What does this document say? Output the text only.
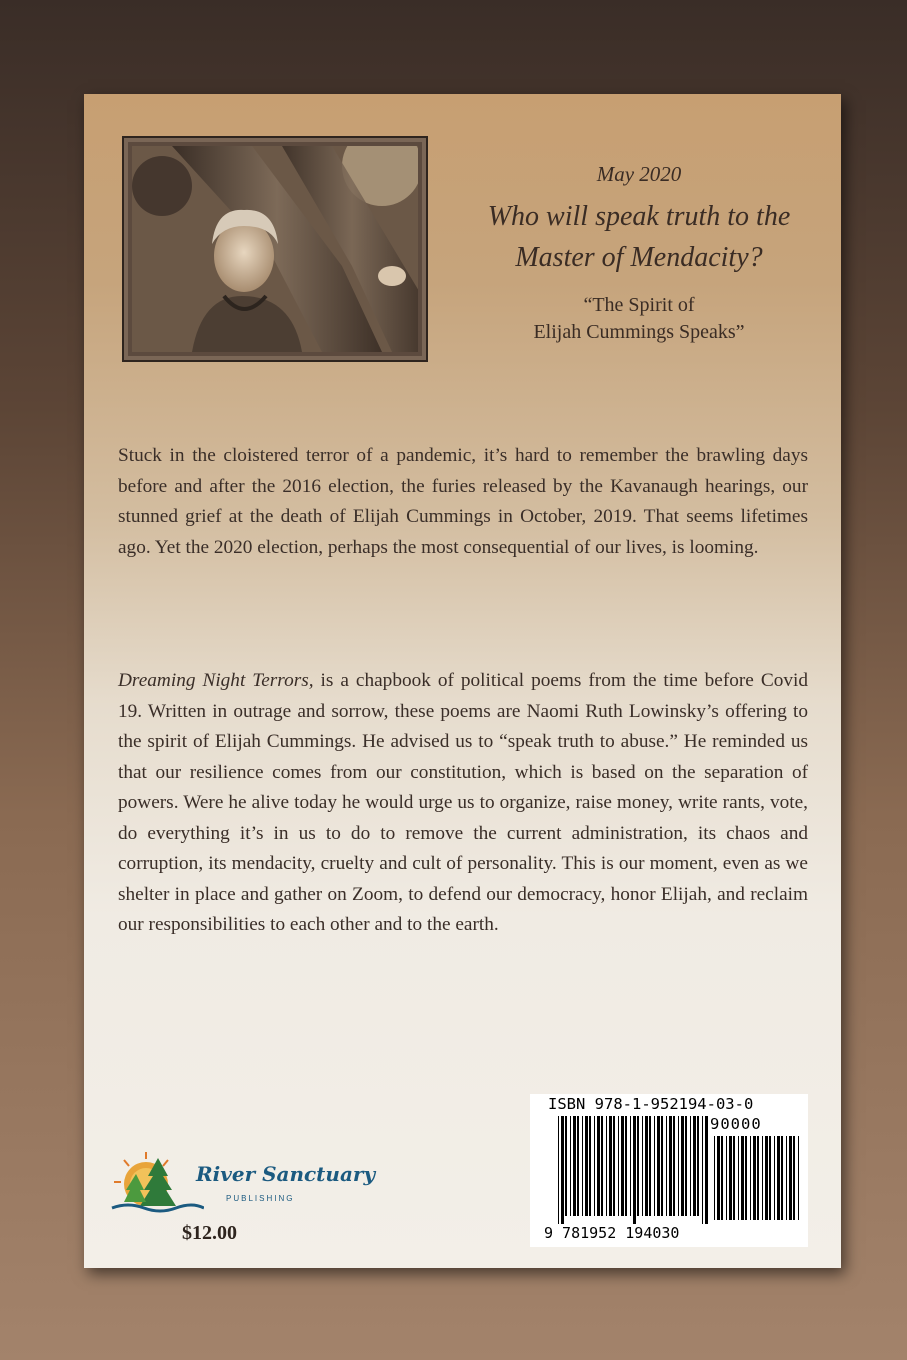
May 2020
Who will speak truth to the
Master of Mendacity?
“The Spirit of
Elijah Cummings Speaks”

Stuck in the cloistered terror of a pandemic, it’s hard to remember the brawling days before and after the 2016 election, the furies released by the Kavanaugh hearings, our stunned grief at the death of Elijah Cummings in October, 2019. That seems lifetimes ago. Yet the 2020 election, perhaps the most consequential of our lives, is looming.

Dreaming Night Terrors, is a chapbook of political poems from the time before Covid 19. Written in outrage and sorrow, these poems are Naomi Ruth Lowinsky’s offering to the spirit of Elijah Cummings. He advised us to “speak truth to abuse.” He reminded us that our resilience comes from our constitution, which is based on the separation of powers. Were he alive today he would urge us to organize, raise money, write rants, vote, do everything it’s in us to do to remove the current administration, its chaos and corruption, its mendacity, cruelty and cult of personality. This is our moment, even as we shelter in place and gather on Zoom, to defend our democracy, honor Elijah, and reclaim our responsibilities to each other and to the earth.

River Sanctuary
PUBLISHING
$12.00
ISBN 978-1-952194-03-0
90000
9 781952 194030
